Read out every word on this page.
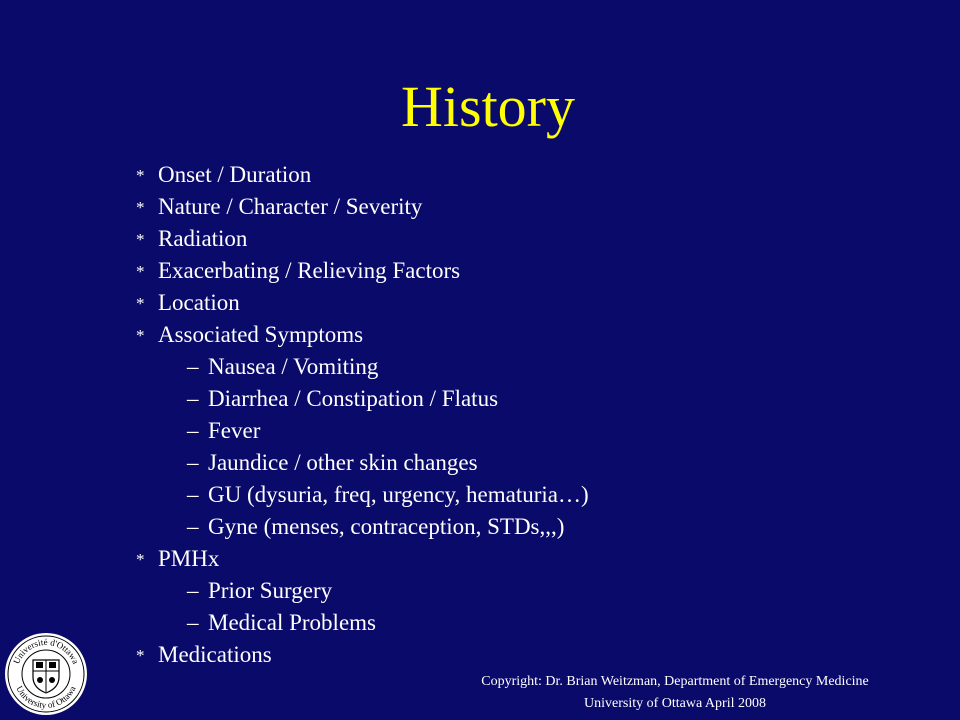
History
* Onset / Duration
* Nature / Character / Severity
* Radiation
* Exacerbating / Relieving Factors
* Location
* Associated Symptoms
– Nausea / Vomiting
– Diarrhea / Constipation / Flatus
– Fever
– Jaundice / other skin changes
– GU (dysuria, freq, urgency, hematuria…)
– Gyne (menses, contraception, STDs,,,)
* PMHx
– Prior Surgery
– Medical Problems
* Medications
Université d'Ottawa
University of Ottawa	Copyright: Dr. Brian Weitzman, Department of Emergency Medicine
University of Ottawa April 2008
